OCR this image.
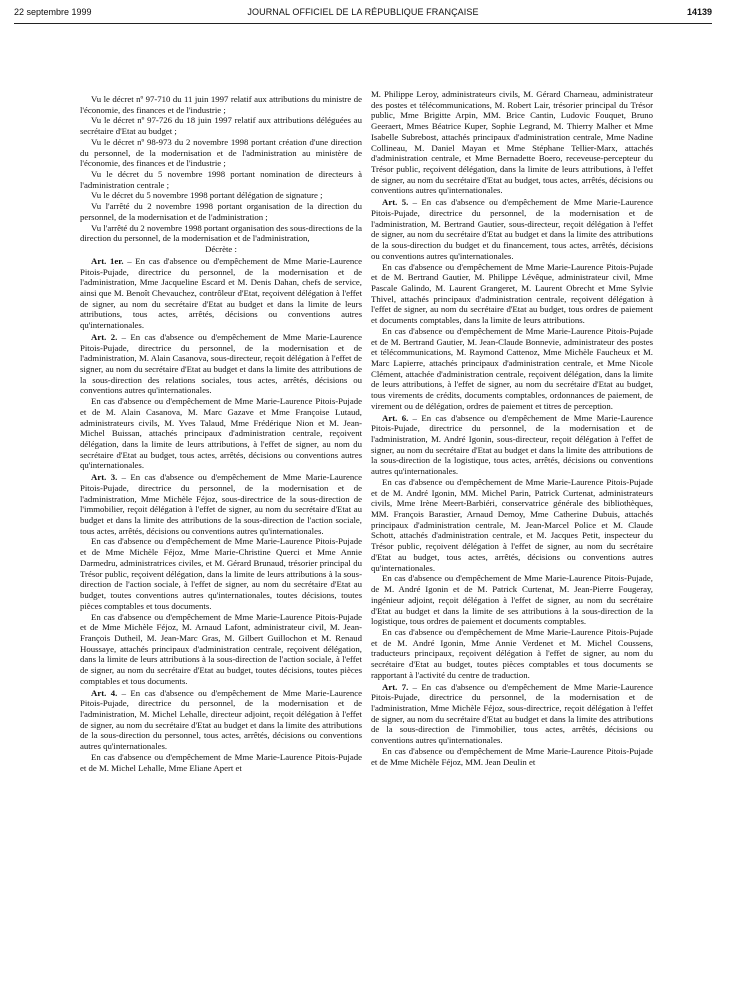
22 septembre 1999	JOURNAL OFFICIEL DE LA RÉPUBLIQUE FRANÇAISE	14139

Vu le décret nº 97-710 du 11 juin 1997 relatif aux attributions du ministre de l'économie, des finances et de l'industrie ;

Vu le décret nº 97-726 du 18 juin 1997 relatif aux attributions déléguées au secrétaire d'Etat au budget ;

Vu le décret nº 98-973 du 2 novembre 1998 portant création d'une direction du personnel, de la modernisation et de l'administration au ministère de l'économie, des finances et de l'industrie ;

Vu le décret du 5 novembre 1998 portant nomination de directeurs à l'administration centrale ;

Vu le décret du 5 novembre 1998 portant délégation de signature ;

Vu l'arrêté du 2 novembre 1998 portant organisation de la direction du personnel, de la modernisation et de l'administration ;

Vu l'arrêté du 2 novembre 1998 portant organisation des sous-directions de la direction du personnel, de la modernisation et de l'administration,

Décrète :

Art. 1er. – En cas d'absence ou d'empêchement de Mme Marie-Laurence Pitois-Pujade, directrice du personnel, de la modernisation et de l'administration, Mme Jacqueline Escard et M. Denis Dahan, chefs de service, ainsi que M. Benoît Chevauchez, contrôleur d'Etat, reçoivent délégation à l'effet de signer, au nom du secrétaire d'Etat au budget et dans la limite de leurs attributions, tous actes, arrêtés, décisions ou conventions autres qu'internationales.

Art. 2. – En cas d'absence ou d'empêchement de Mme Marie-Laurence Pitois-Pujade, directrice du personnel, de la modernisation et de l'administration, M. Alain Casanova, sous-directeur, reçoit délégation à l'effet de signer, au nom du secrétaire d'Etat au budget et dans la limite des attributions de la sous-direction des relations sociales, tous actes, arrêtés, décisions ou conventions autres qu'internationales.

En cas d'absence ou d'empêchement de Mme Marie-Laurence Pitois-Pujade et de M. Alain Casanova, M. Marc Gazave et Mme Françoise Lutaud, administrateurs civils, M. Yves Talaud, Mme Frédérique Nion et M. Jean-Michel Buissan, attachés principaux d'administration centrale, reçoivent délégation, dans la limite de leurs attributions, à l'effet de signer, au nom du secrétaire d'Etat au budget, tous actes, arrêtés, décisions ou conventions autres qu'internationales.

Art. 3. – En cas d'absence ou d'empêchement de Mme Marie-Laurence Pitois-Pujade, directrice du personnel, de la modernisation et de l'administration, Mme Michèle Féjoz, sous-directrice de la sous-direction de l'immobilier, reçoit délégation à l'effet de signer, au nom du secrétaire d'Etat au budget et dans la limite des attributions de la sous-direction de l'action sociale, tous actes, arrêtés, décisions ou conventions autres qu'internationales.

En cas d'absence ou d'empêchement de Mme Marie-Laurence Pitois-Pujade et de Mme Michèle Féjoz, Mme Marie-Christine Querci et Mme Annie Darmedru, administratrices civiles, et M. Gérard Brunaud, trésorier principal du Trésor public, reçoivent délégation, dans la limite de leurs attributions à la sous-direction de l'action sociale, à l'effet de signer, au nom du secrétaire d'Etat au budget, toutes conventions autres qu'internationales, toutes décisions, toutes pièces comptables et tous documents.

En cas d'absence ou d'empêchement de Mme Marie-Laurence Pitois-Pujade et de Mme Michèle Féjoz, M. Arnaud Lafont, administrateur civil, M. Jean-François Dutheil, M. Jean-Marc Gras, M. Gilbert Guillochon et M. Renaud Houssaye, attachés principaux d'administration centrale, reçoivent délégation, dans la limite de leurs attributions à la sous-direction de l'action sociale, à l'effet de signer, au nom du secrétaire d'Etat au budget, toutes décisions, toutes pièces comptables et tous documents.

Art. 4. – En cas d'absence ou d'empêchement de Mme Marie-Laurence Pitois-Pujade, directrice du personnel, de la modernisation et de l'administration, M. Michel Lehalle, directeur adjoint, reçoit délégation à l'effet de signer, au nom du secrétaire d'Etat au budget et dans la limite des attributions de la sous-direction du personnel, tous actes, arrêtés, décisions ou conventions autres qu'internationales.

En cas d'absence ou d'empêchement de Mme Marie-Laurence Pitois-Pujade et de M. Michel Lehalle, Mme Eliane Apert et

M. Philippe Leroy, administrateurs civils, M. Gérard Charneau, administrateur des postes et télécommunications, M. Robert Lair, trésorier principal du Trésor public, Mme Brigitte Arpin, MM. Brice Cantin, Ludovic Fouquet, Bruno Geeraert, Mmes Béatrice Kuper, Sophie Legrand, M. Thierry Malher et Mme Isabelle Subrebost, attachés principaux d'administration centrale, Mme Nadine Collineau, M. Daniel Mayan et Mme Stéphane Tellier-Marx, attachés d'administration centrale, et Mme Bernadette Boero, receveuse-percepteur du Trésor public, reçoivent délégation, dans la limite de leurs attributions, à l'effet de signer, au nom du secrétaire d'Etat au budget, tous actes, arrêtés, décisions ou conventions autres qu'internationales.

Art. 5. – En cas d'absence ou d'empêchement de Mme Marie-Laurence Pitois-Pujade, directrice du personnel, de la modernisation et de l'administration, M. Bertrand Gautier, sous-directeur, reçoit délégation à l'effet de signer, au nom du secrétaire d'Etat au budget et dans la limite des attributions de la sous-direction du budget et du financement, tous actes, arrêtés, décisions ou conventions autres qu'internationales.

En cas d'absence ou d'empêchement de Mme Marie-Laurence Pitois-Pujade et de M. Bertrand Gautier, M. Philippe Lévêque, administrateur civil, Mme Pascale Galindo, M. Laurent Grangeret, M. Laurent Obrecht et Mme Sylvie Thivel, attachés principaux d'administration centrale, reçoivent délégation à l'effet de signer, au nom du secrétaire d'Etat au budget, tous ordres de paiement et documents comptables, dans la limite de leurs attributions.

En cas d'absence ou d'empêchement de Mme Marie-Laurence Pitois-Pujade et de M. Bertrand Gautier, M. Jean-Claude Bonnevie, administrateur des postes et télécommunications, M. Raymond Cattenoz, Mme Michèle Faucheux et M. Marc Lapierre, attachés principaux d'administration centrale, et Mme Nicole Clément, attachée d'administration centrale, reçoivent délégation, dans la limite de leurs attributions, à l'effet de signer, au nom du secrétaire d'Etat au budget, tous virements de crédits, documents comptables, ordonnances de paiement, de virement ou de délégation, ordres de paiement et titres de perception.

Art. 6. – En cas d'absence ou d'empêchement de Mme Marie-Laurence Pitois-Pujade, directrice du personnel, de la modernisation et de l'administration, M. André Igonin, sous-directeur, reçoit délégation à l'effet de signer, au nom du secrétaire d'Etat au budget et dans la limite des attributions de la sous-direction de la logistique, tous actes, arrêtés, décisions ou conventions autres qu'internationales.

En cas d'absence ou d'empêchement de Mme Marie-Laurence Pitois-Pujade et de M. André Igonin, MM. Michel Parin, Patrick Curtenat, administrateurs civils, Mme Irène Meert-Barbiéri, conservatrice générale des bibliothèques, MM. François Barastier, Arnaud Demoy, Mme Catherine Dubuis, attachés principaux d'administration centrale, M. Jean-Marcel Police et M. Claude Schott, attachés d'administration centrale, et M. Jacques Petit, inspecteur du Trésor public, reçoivent délégation à l'effet de signer, au nom du secrétaire d'Etat au budget, tous actes, arrêtés, décisions ou conventions autres qu'internationales.

En cas d'absence ou d'empêchement de Mme Marie-Laurence Pitois-Pujade, de M. André Igonin et de M. Patrick Curtenat, M. Jean-Pierre Fougeray, ingénieur adjoint, reçoit délégation à l'effet de signer, au nom du secrétaire d'Etat au budget et dans la limite de ses attributions à la sous-direction de la logistique, tous ordres de paiement et documents comptables.

En cas d'absence ou d'empêchement de Mme Marie-Laurence Pitois-Pujade et de M. André Igonin, Mme Annie Verdenet et M. Michel Coussens, traducteurs principaux, reçoivent délégation à l'effet de signer, au nom du secrétaire d'Etat au budget, toutes pièces comptables et tous documents se rapportant à l'activité du centre de traduction.

Art. 7. – En cas d'absence ou d'empêchement de Mme Marie-Laurence Pitois-Pujade, directrice du personnel, de la modernisation et de l'administration, Mme Michèle Féjoz, sous-directrice, reçoit délégation à l'effet de signer, au nom du secrétaire d'Etat au budget et dans la limite des attributions de la sous-direction de l'immobilier, tous actes, arrêtés, décisions ou conventions autres qu'internationales.

En cas d'absence ou d'empêchement de Mme Marie-Laurence Pitois-Pujade et de Mme Michèle Féjoz, MM. Jean Deulin et
